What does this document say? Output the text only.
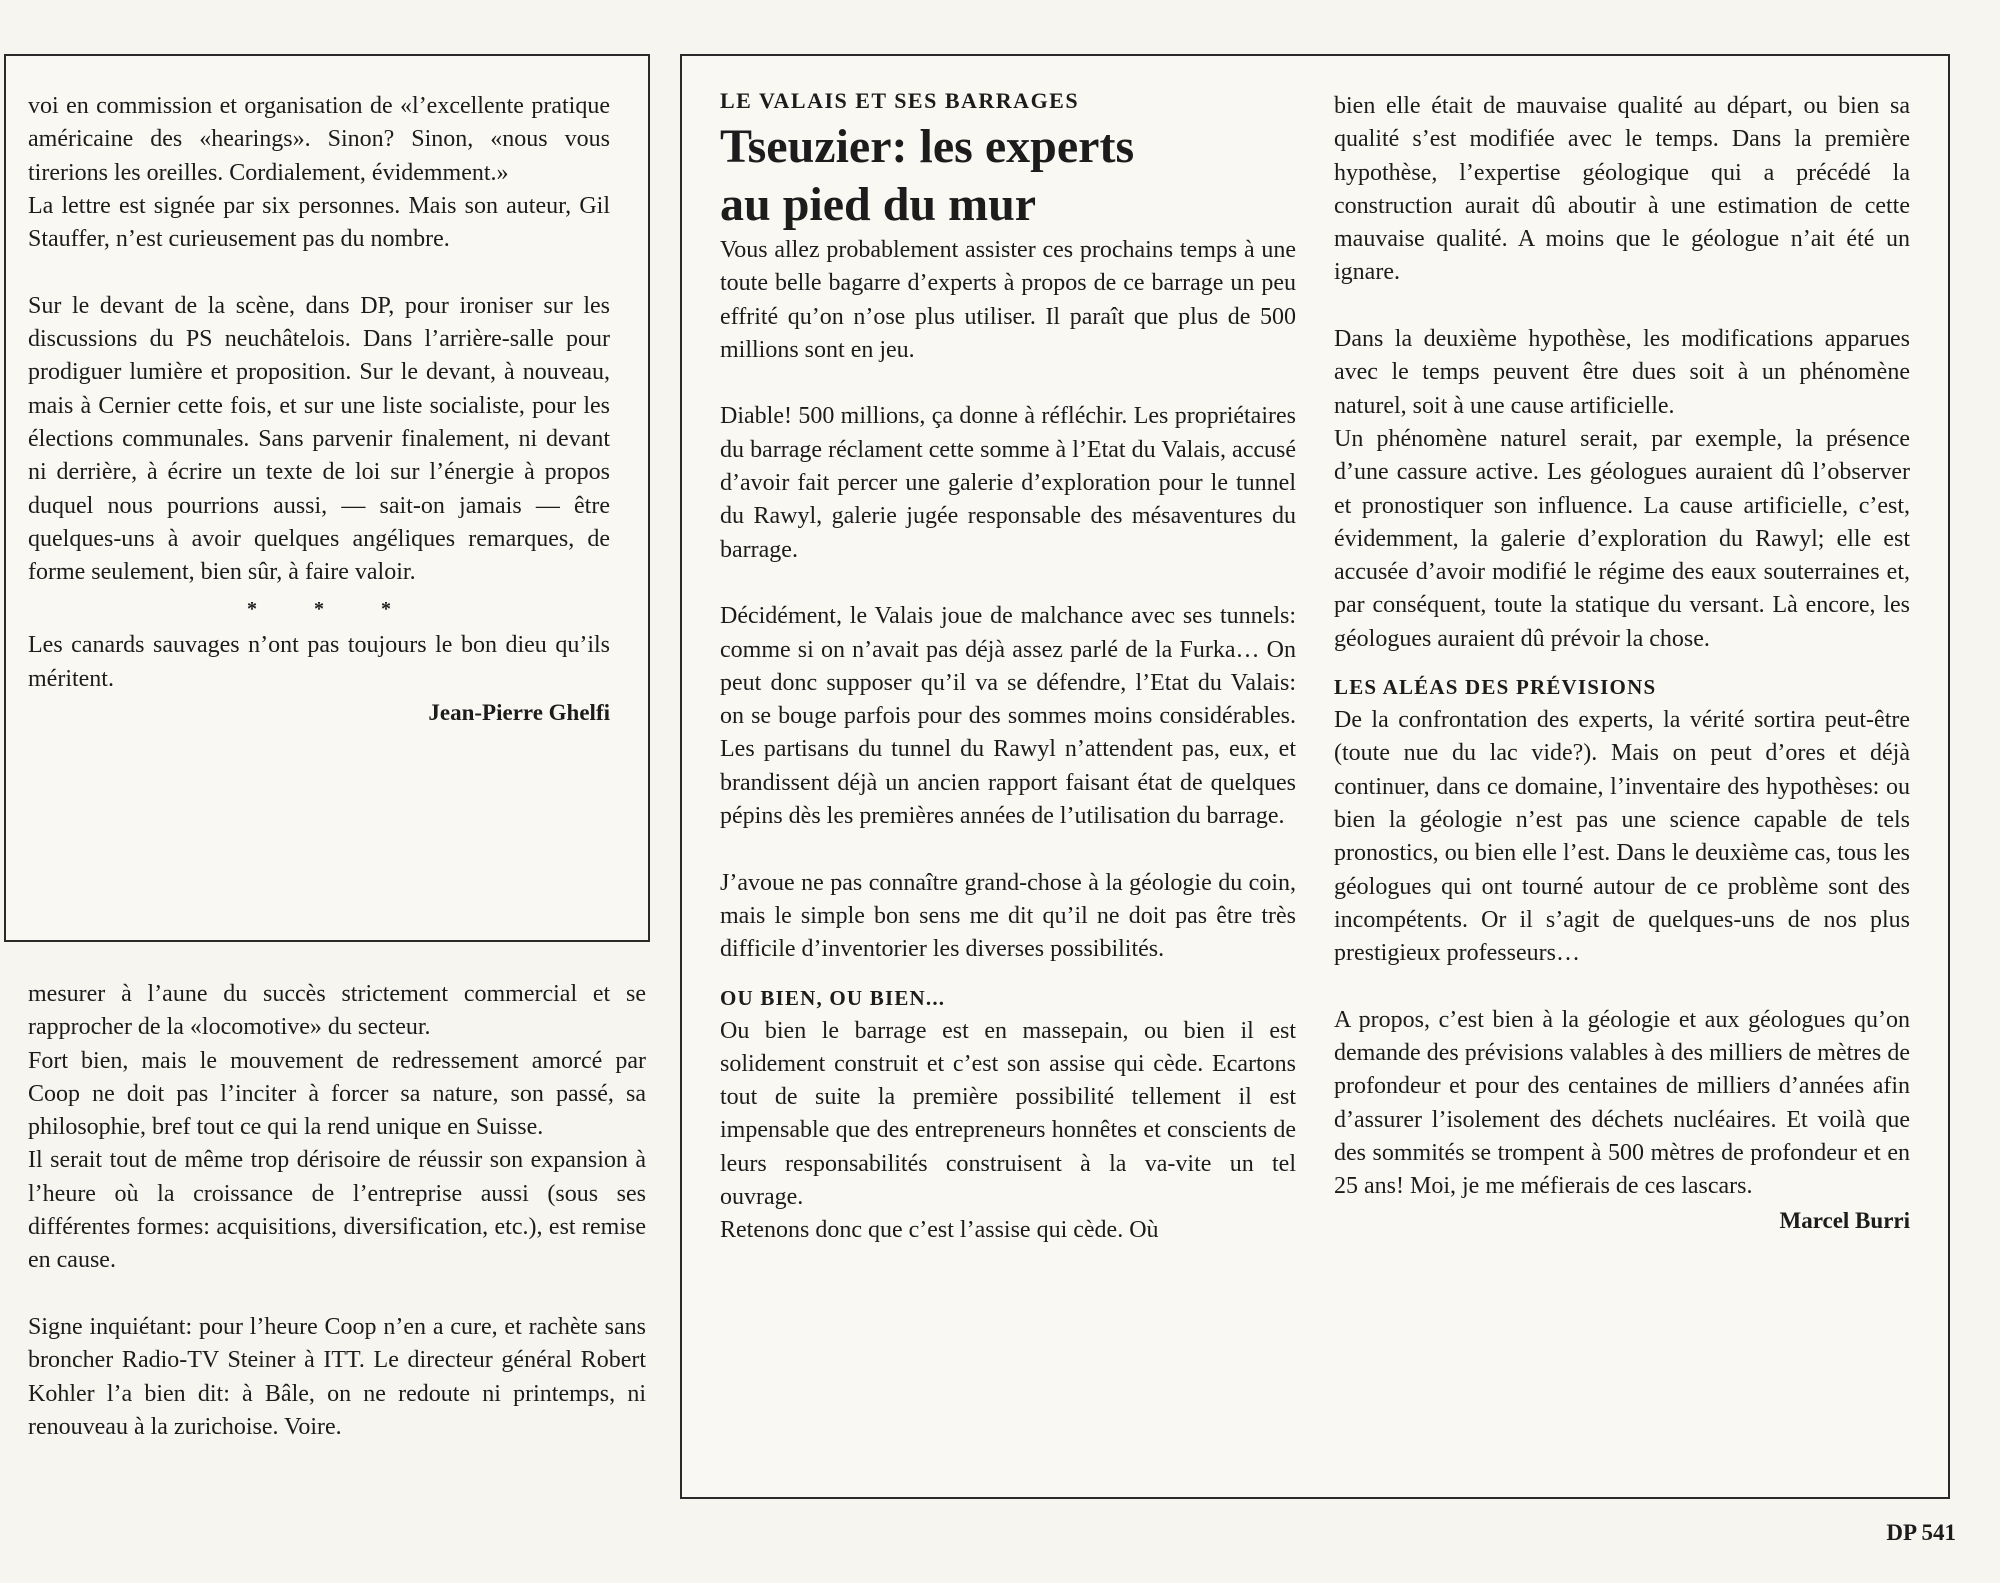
voi en commission et organisation de «l’excellente pratique américaine des «hearings». Sinon? Sinon, «nous vous tirerions les oreilles. Cordialement, évidemment.»

La lettre est signée par six personnes. Mais son auteur, Gil Stauffer, n’est curieusement pas du nombre.

Sur le devant de la scène, dans DP, pour ironiser sur les discussions du PS neuchâtelois. Dans l’arrière-salle pour prodiguer lumière et proposition. Sur le devant, à nouveau, mais à Cernier cette fois, et sur une liste socialiste, pour les élections communales. Sans parvenir finalement, ni devant ni derrière, à écrire un texte de loi sur l’énergie à propos duquel nous pourrions aussi, — sait-on jamais — être quelques-uns à avoir quelques angéliques remarques, de forme seulement, bien sûr, à faire valoir.

* * *

Les canards sauvages n’ont pas toujours le bon dieu qu’ils méritent.

Jean-Pierre Ghelfi

mesurer à l’aune du succès strictement commercial et se rapprocher de la «locomotive» du secteur.

Fort bien, mais le mouvement de redressement amorcé par Coop ne doit pas l’inciter à forcer sa nature, son passé, sa philosophie, bref tout ce qui la rend unique en Suisse.

Il serait tout de même trop dérisoire de réussir son expansion à l’heure où la croissance de l’entreprise aussi (sous ses différentes formes: acquisitions, diversification, etc.), est remise en cause.

Signe inquiétant: pour l’heure Coop n’en a cure, et rachète sans broncher Radio-TV Steiner à ITT. Le directeur général Robert Kohler l’a bien dit: à Bâle, on ne redoute ni printemps, ni renouveau à la zurichoise. Voire.

LE VALAIS ET SES BARRAGES

Tseuzier: les experts au pied du mur

Vous allez probablement assister ces prochains temps à une toute belle bagarre d’experts à propos de ce barrage un peu effrité qu’on n’ose plus utiliser. Il paraît que plus de 500 millions sont en jeu.

Diable! 500 millions, ça donne à réfléchir. Les propriétaires du barrage réclament cette somme à l’Etat du Valais, accusé d’avoir fait percer une galerie d’exploration pour le tunnel du Rawyl, galerie jugée responsable des mésaventures du barrage.

Décidément, le Valais joue de malchance avec ses tunnels: comme si on n’avait pas déjà assez parlé de la Furka… On peut donc supposer qu’il va se défendre, l’Etat du Valais: on se bouge parfois pour des sommes moins considérables. Les partisans du tunnel du Rawyl n’attendent pas, eux, et brandissent déjà un ancien rapport faisant état de quelques pépins dès les premières années de l’utilisation du barrage.

J’avoue ne pas connaître grand-chose à la géologie du coin, mais le simple bon sens me dit qu’il ne doit pas être très difficile d’inventorier les diverses possibilités.

OU BIEN, OU BIEN...

Ou bien le barrage est en massepain, ou bien il est solidement construit et c’est son assise qui cède. Ecartons tout de suite la première possibilité tellement il est impensable que des entrepreneurs honnêtes et conscients de leurs responsabilités construisent à la va-vite un tel ouvrage.

Retenons donc que c’est l’assise qui cède. Où

bien elle était de mauvaise qualité au départ, ou bien sa qualité s’est modifiée avec le temps. Dans la première hypothèse, l’expertise géologique qui a précédé la construction aurait dû aboutir à une estimation de cette mauvaise qualité. A moins que le géologue n’ait été un ignare.

Dans la deuxième hypothèse, les modifications apparues avec le temps peuvent être dues soit à un phénomène naturel, soit à une cause artificielle.

Un phénomène naturel serait, par exemple, la présence d’une cassure active. Les géologues auraient dû l’observer et pronostiquer son influence. La cause artificielle, c’est, évidemment, la galerie d’exploration du Rawyl; elle est accusée d’avoir modifié le régime des eaux souterraines et, par conséquent, toute la statique du versant. Là encore, les géologues auraient dû prévoir la chose.

LES ALÉAS DES PRÉVISIONS

De la confrontation des experts, la vérité sortira peut-être (toute nue du lac vide?). Mais on peut d’ores et déjà continuer, dans ce domaine, l’inventaire des hypothèses: ou bien la géologie n’est pas une science capable de tels pronostics, ou bien elle l’est. Dans le deuxième cas, tous les géologues qui ont tourné autour de ce problème sont des incompétents. Or il s’agit de quelques-uns de nos plus prestigieux professeurs…

A propos, c’est bien à la géologie et aux géologues qu’on demande des prévisions valables à des milliers de mètres de profondeur et pour des centaines de milliers d’années afin d’assurer l’isolement des déchets nucléaires. Et voilà que des sommités se trompent à 500 mètres de profondeur et en 25 ans! Moi, je me méfierais de ces lascars.

Marcel Burri

DP 541
